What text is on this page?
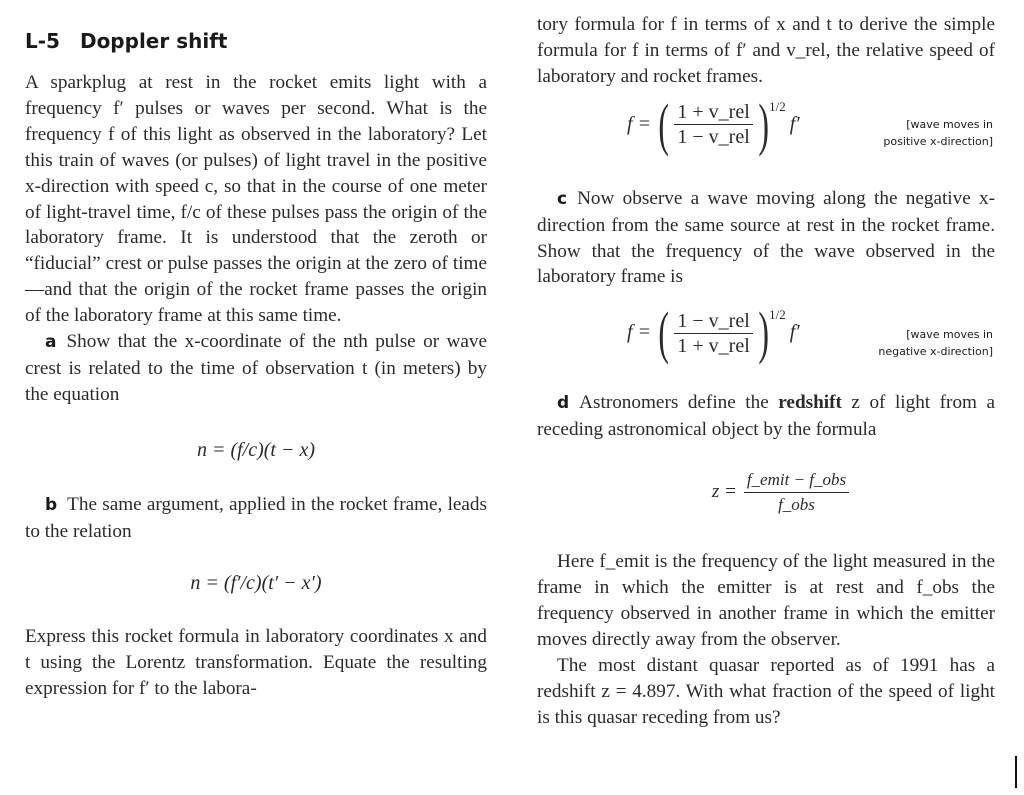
L-5 Doppler shift

A sparkplug at rest in the rocket emits light with a frequency f′ pulses or waves per second. What is the frequency f of this light as observed in the laboratory? Let this train of waves (or pulses) of light travel in the positive x-direction with speed c, so that in the course of one meter of light-travel time, f/c of these pulses pass the origin of the laboratory frame. It is understood that the zeroth or “fiducial” crest or pulse passes the origin at the zero of time—and that the origin of the rocket frame passes the origin of the laboratory frame at this same time.

a Show that the x-coordinate of the nth pulse or wave crest is related to the time of observation t (in meters) by the equation

n = (f/c)(t − x)

b The same argument, applied in the rocket frame, leads to the relation

n = (f′/c)(t′ − x′)

Express this rocket formula in laboratory coordinates x and t using the Lorentz transformation. Equate the resulting expression for f′ to the labora-

tory formula for f in terms of x and t to derive the simple formula for f in terms of f′ and v_rel, the relative speed of laboratory and rocket frames.

f = ( $\frac{\text{1 + v\_rel}}{\text{1 − v\_rel}}$ ) 1/2
f′	[wave moves in
positive x-direction]

c Now observe a wave moving along the negative x-direction from the same source at rest in the rocket frame. Show that the frequency of the wave observed in the laboratory frame is

f = ( $\frac{\text{1 − v\_rel}}{\text{1 + v\_rel}}$ ) 1/2
f′	[wave moves in
negative x-direction]

d Astronomers define the redshift z of light from a receding astronomical object by the formula

$z = \frac{\text{f\_emit − f\_obs}}{\text{f\_obs}}$

Here f_emit is the frequency of the light measured in the frame in which the emitter is at rest and f_obs the frequency observed in another frame in which the emitter moves directly away from the observer.

The most distant quasar reported as of 1991 has a redshift z = 4.897. With what fraction of the speed of light is this quasar receding from us?
